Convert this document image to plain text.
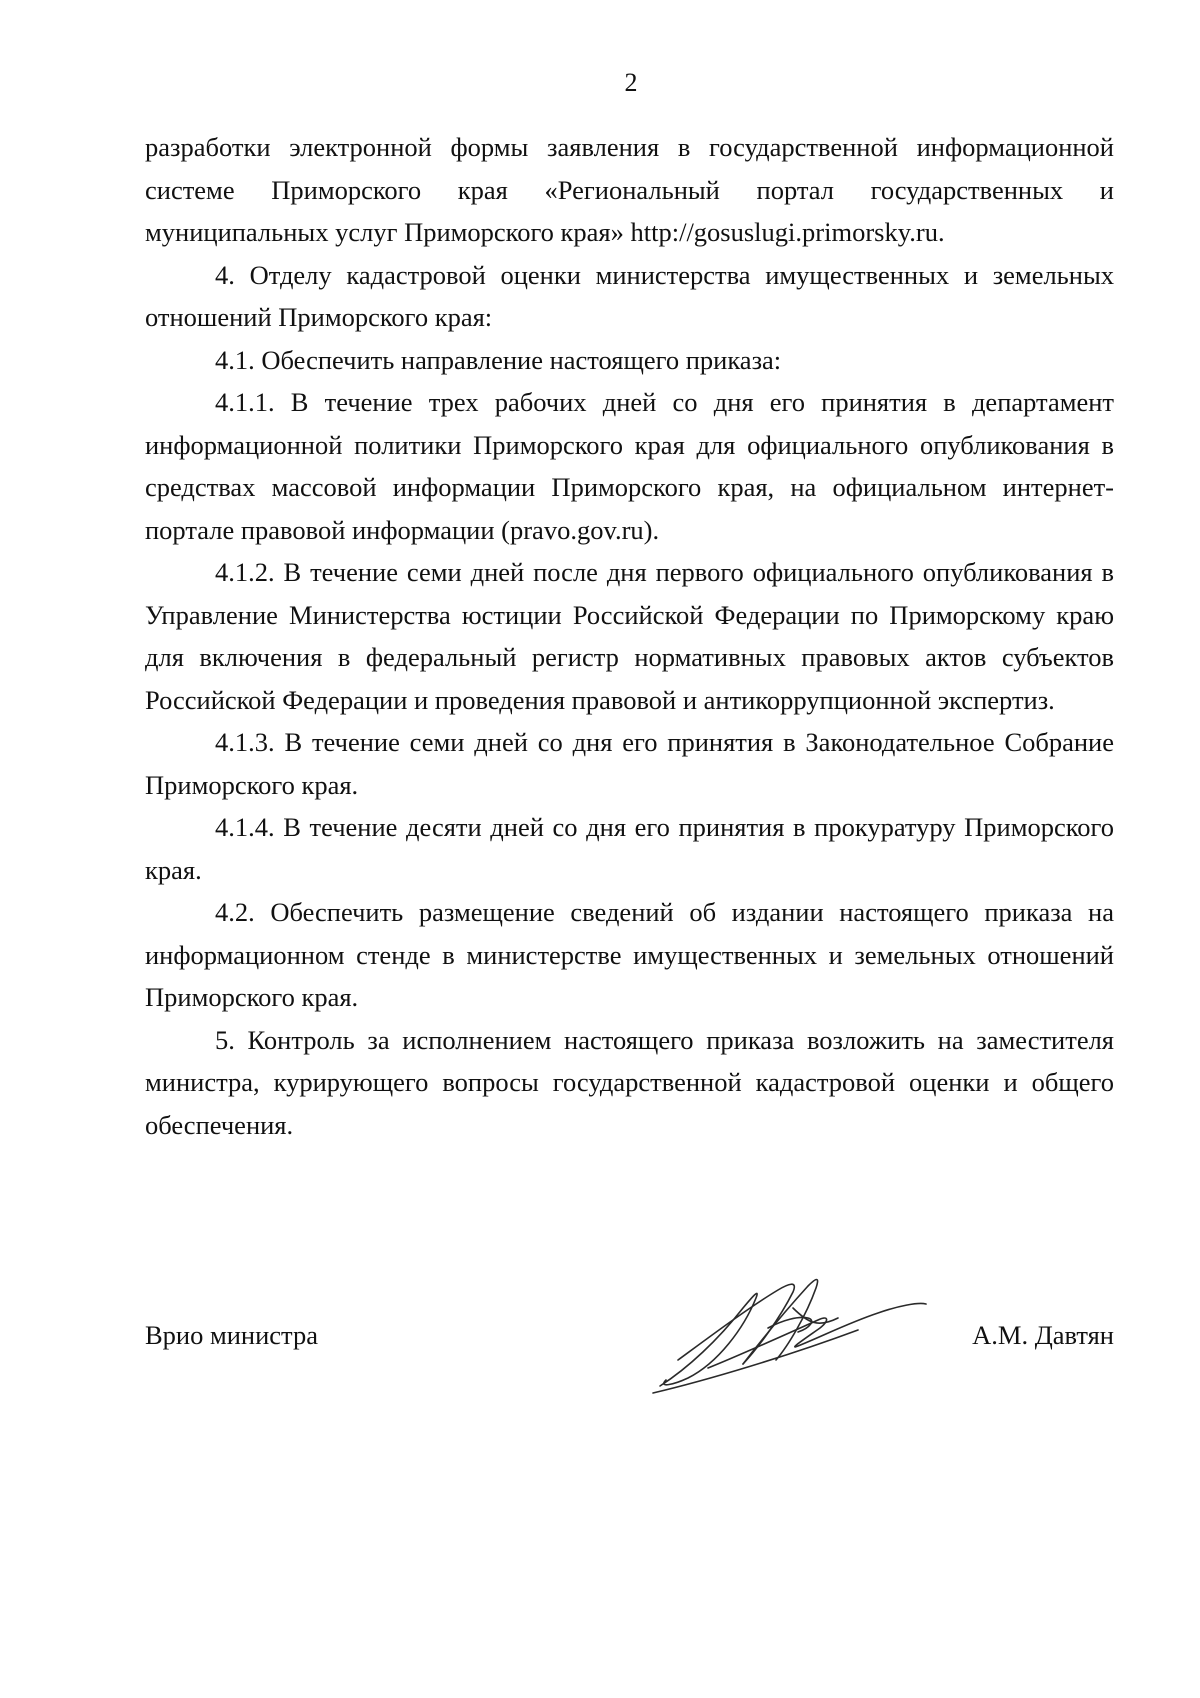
2

разработки электронной формы заявления в государственной информационной системе Приморского края «Региональный портал государственных и муниципальных услуг Приморского края» http://gosuslugi.primorsky.ru.

4. Отделу кадастровой оценки министерства имущественных и земельных отношений Приморского края:

4.1. Обеспечить направление настоящего приказа:

4.1.1. В течение трех рабочих дней со дня его принятия в департамент информационной политики Приморского края для официального опубликования в средствах массовой информации Приморского края, на официальном интернет-портале правовой информации (pravo.gov.ru).

4.1.2. В течение семи дней после дня первого официального опубликования в Управление Министерства юстиции Российской Федерации по Приморскому краю для включения в федеральный регистр нормативных правовых актов субъектов Российской Федерации и проведения правовой и антикоррупционной экспертиз.

4.1.3. В течение семи дней со дня его принятия в Законодательное Собрание Приморского края.

4.1.4. В течение десяти дней со дня его принятия в прокуратуру Приморского края.

4.2. Обеспечить размещение сведений об издании настоящего приказа на информационном стенде в министерстве имущественных и земельных отношений Приморского края.

5. Контроль за исполнением настоящего приказа возложить на заместителя министра, курирующего вопросы государственной кадастровой оценки и общего обеспечения.

Врио министра	А.М. Давтян
